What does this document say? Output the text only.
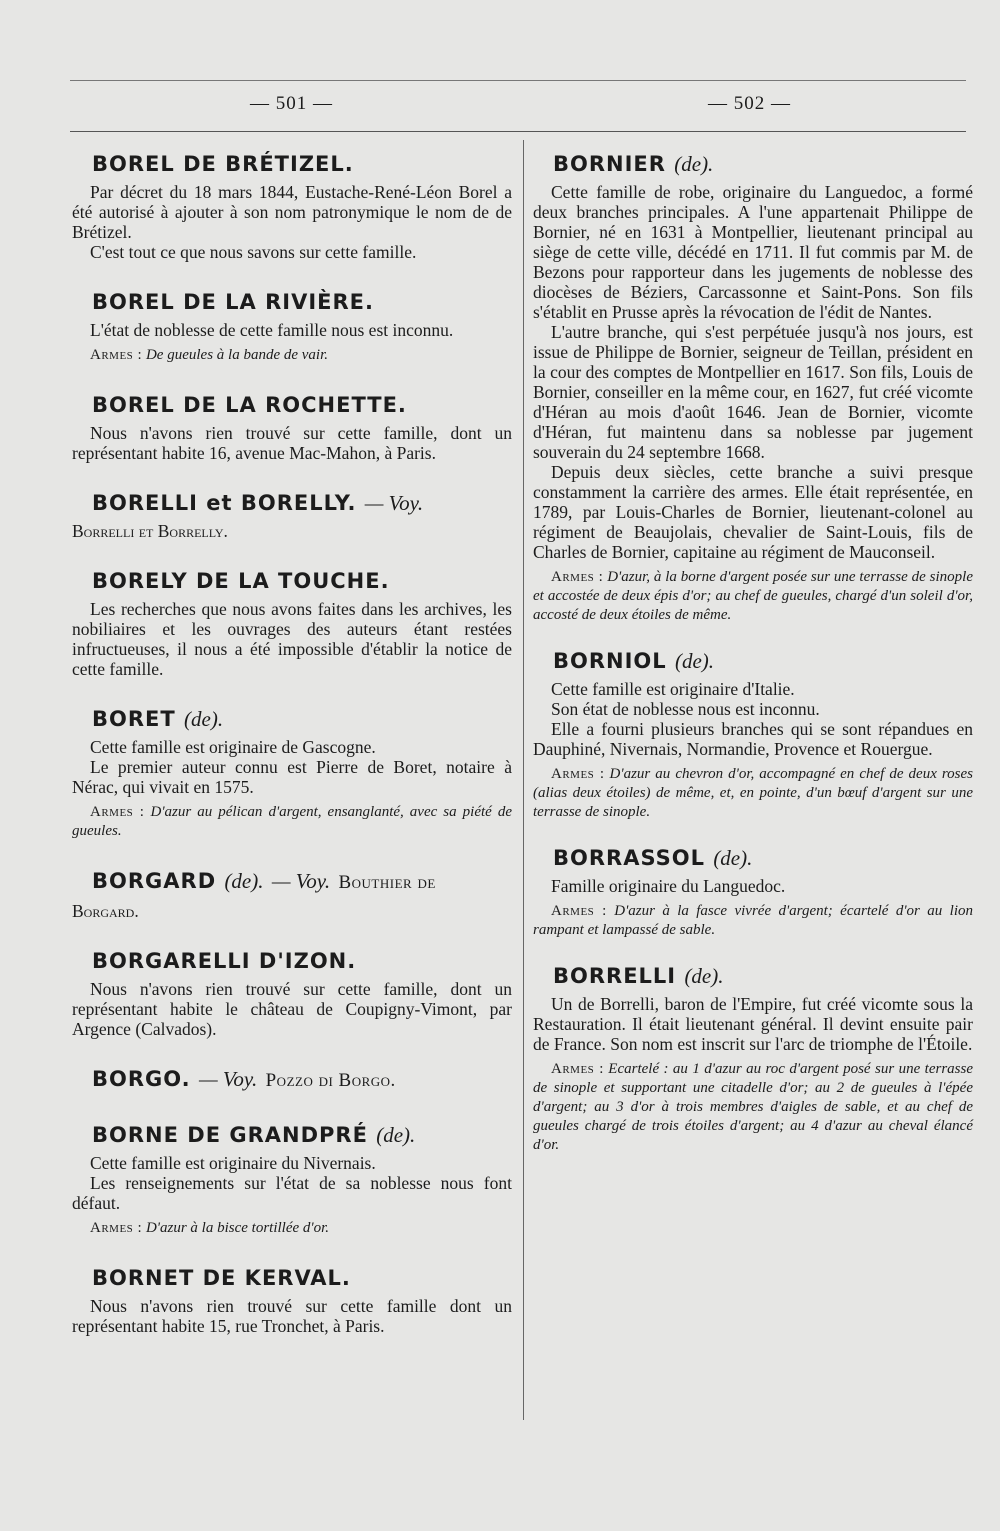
— 501 —	— 502 —
BOREL DE BRÉTIZEL.

Par décret du 18 mars 1844, Eustache-René-Léon Borel a été autorisé à ajouter à son nom patronymique le nom de de Brétizel.

C'est tout ce que nous savons sur cette famille.

BOREL DE LA RIVIÈRE.

L'état de noblesse de cette famille nous est inconnu.

Armes : De gueules à la bande de vair.

BOREL DE LA ROCHETTE.

Nous n'avons rien trouvé sur cette famille, dont un représentant habite 16, avenue Mac-Mahon, à Paris.

BORELLI et BORELLY. — Voy.

Borrelli et Borrelly.

BORELY DE LA TOUCHE.

Les recherches que nous avons faites dans les archives, les nobiliaires et les ouvrages des auteurs étant restées infructueuses, il nous a été impossible d'établir la notice de cette famille.

BORET (de).

Cette famille est originaire de Gascogne.

Le premier auteur connu est Pierre de Boret, notaire à Nérac, qui vivait en 1575.

Armes : D'azur au pélican d'argent, ensanglanté, avec sa piété de gueules.

BORGARD (de). — Voy. Bouthier de

Borgard.

BORGARELLI D'IZON.

Nous n'avons rien trouvé sur cette famille, dont un représentant habite le château de Coupigny-Vimont, par Argence (Calvados).

BORGO. — Voy. Pozzo di Borgo.
BORNE DE GRANDPRÉ (de).

Cette famille est originaire du Nivernais.

Les renseignements sur l'état de sa noblesse nous font défaut.

Armes : D'azur à la bisce tortillée d'or.

BORNET DE KERVAL.

Nous n'avons rien trouvé sur cette famille dont un représentant habite 15, rue Tronchet, à Paris.

BORNIER (de).

Cette famille de robe, originaire du Languedoc, a formé deux branches principales. A l'une appartenait Philippe de Bornier, né en 1631 à Montpellier, lieutenant principal au siège de cette ville, décédé en 1711. Il fut commis par M. de Bezons pour rapporteur dans les jugements de noblesse des diocèses de Béziers, Carcassonne et Saint-Pons. Son fils s'établit en Prusse après la révocation de l'édit de Nantes.

L'autre branche, qui s'est perpétuée jusqu'à nos jours, est issue de Philippe de Bornier, seigneur de Teillan, président en la cour des comptes de Montpellier en 1617. Son fils, Louis de Bornier, conseiller en la même cour, en 1627, fut créé vicomte d'Héran au mois d'août 1646. Jean de Bornier, vicomte d'Héran, fut maintenu dans sa noblesse par jugement souverain du 24 septembre 1668.

Depuis deux siècles, cette branche a suivi presque constamment la carrière des armes. Elle était représentée, en 1789, par Louis-Charles de Bornier, lieutenant-colonel au régiment de Beaujolais, chevalier de Saint-Louis, fils de Charles de Bornier, capitaine au régiment de Mauconseil.

Armes : D'azur, à la borne d'argent posée sur une terrasse de sinople et accostée de deux épis d'or; au chef de gueules, chargé d'un soleil d'or, accosté de deux étoiles de même.

BORNIOL (de).

Cette famille est originaire d'Italie.

Son état de noblesse nous est inconnu.

Elle a fourni plusieurs branches qui se sont répandues en Dauphiné, Nivernais, Normandie, Provence et Rouergue.

Armes : D'azur au chevron d'or, accompagné en chef de deux roses (alias deux étoiles) de même, et, en pointe, d'un bœuf d'argent sur une terrasse de sinople.

BORRASSOL (de).

Famille originaire du Languedoc.

Armes : D'azur à la fasce vivrée d'argent; écartelé d'or au lion rampant et lampassé de sable.

BORRELLI (de).

Un de Borrelli, baron de l'Empire, fut créé vicomte sous la Restauration. Il était lieutenant général. Il devint ensuite pair de France. Son nom est inscrit sur l'arc de triomphe de l'Étoile.

Armes : Ecartelé : au 1 d'azur au roc d'argent posé sur une terrasse de sinople et supportant une citadelle d'or; au 2 de gueules à l'épée d'argent; au 3 d'or à trois membres d'aigles de sable, et au chef de gueules chargé de trois étoiles d'argent; au 4 d'azur au cheval élancé d'or.
